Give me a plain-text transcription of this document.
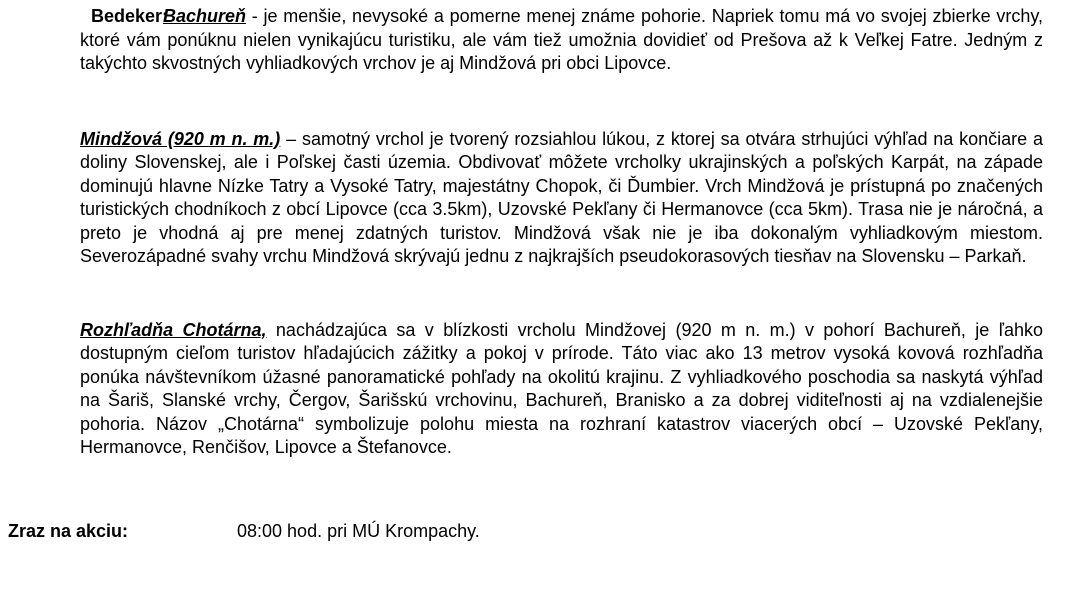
Bedeker:
Bachureň - je menšie, nevysoké a pomerne menej známe pohorie. Napriek tomu má vo svojej zbierke vrchy, ktoré vám ponúknu nielen vynikajúcu turistiku, ale vám tiež umožnia dovidieť od Prešova až k Veľkej Fatre. Jedným z takýchto skvostných vyhliadkových vrchov je aj Mindžová pri obci Lipovce.

Mindžová (920 m n. m.) – samotný vrchol je tvorený rozsiahlou lúkou, z ktorej sa otvára strhujúci výhľad na končiare a doliny Slovenskej, ale i Poľskej časti územia. Obdivovať môžete vrcholky ukrajinských a poľských Karpát, na západe dominujú hlavne Nízke Tatry a Vysoké Tatry, majestátny Chopok, či Ďumbier. Vrch Mindžová je prístupná po značených turistických chodníkoch z obcí Lipovce (cca 3.5km), Uzovské Pekľany či Hermanovce (cca 5km). Trasa nie je náročná, a preto je vhodná aj pre menej zdatných turistov. Mindžová však nie je iba dokonalým vyhliadkovým miestom. Severozápadné svahy vrchu Mindžová skrývajú jednu z najkrajších pseudokorasových tiesňav na Slovensku – Parkaň.

Rozhľadňa Chotárna, nachádzajúca sa v blízkosti vrcholu Mindžovej (920 m n. m.) v pohorí Bachureň, je ľahko dostupným cieľom turistov hľadajúcich zážitky a pokoj v prírode. Táto viac ako 13 metrov vysoká kovová rozhľadňa ponúka návštevníkom úžasné panoramatické pohľady na okolitú krajinu. Z vyhliadkového poschodia sa naskytá výhľad na Šariš, Slanské vrchy, Čergov, Šarišskú vrchovinu, Bachureň, Branisko a za dobrej viditeľnosti aj na vzdialenejšie pohoria. Názov „Chotárna“ symbolizuje polohu miesta na rozhraní katastrov viacerých obcí – Uzovské Pekľany, Hermanovce, Renčišov, Lipovce a Štefanovce.

Zraz na akciu:	08:00 hod. pri MÚ Krompachy.
